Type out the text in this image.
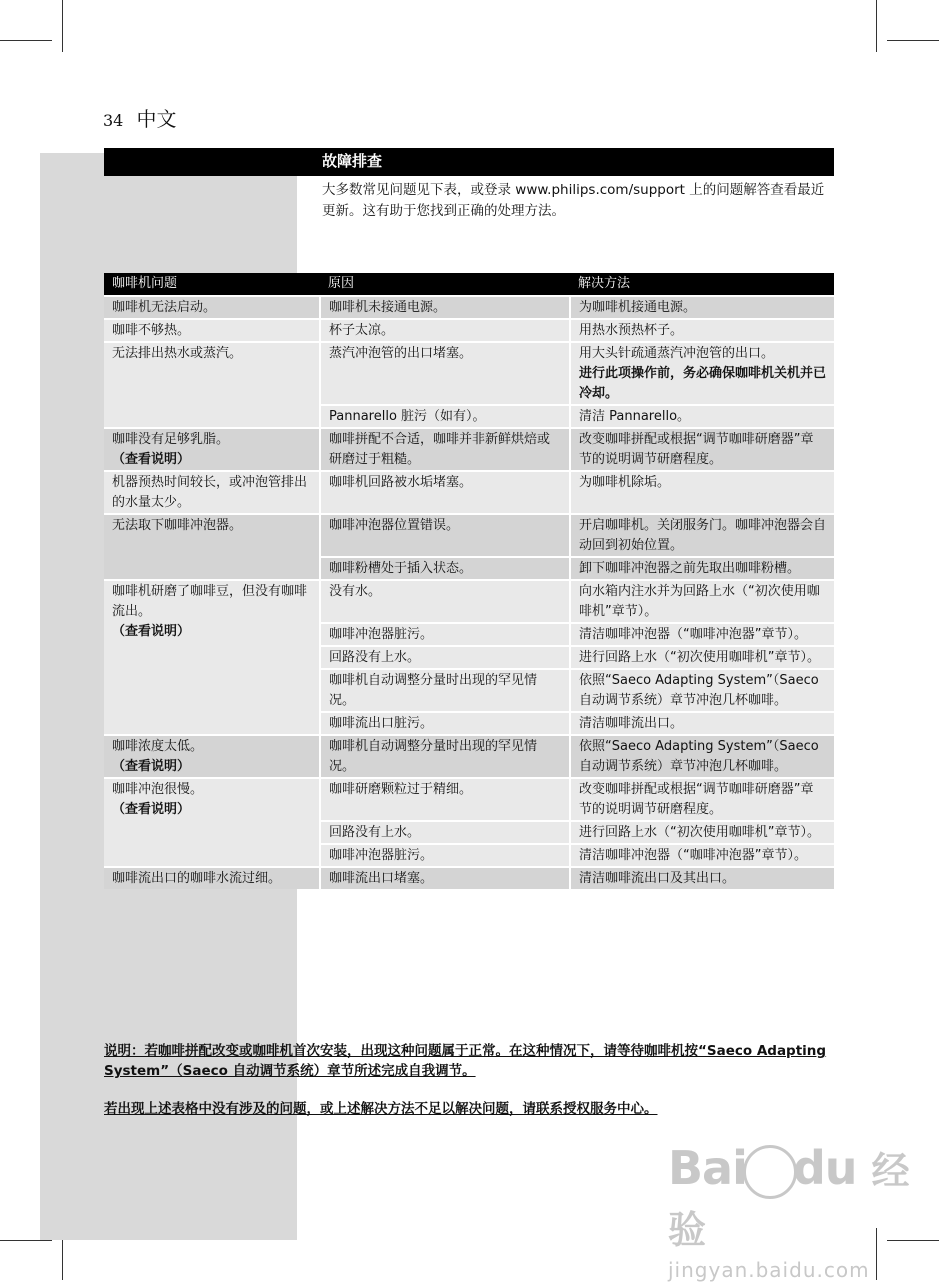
34 中文
故障排查
大多数常见问题见下表，或登录 www.philips.com/support 上的问题解答查看最近更新。这有助于您找到正确的处理方法。
咖啡机问题	原因	解决方法

咖啡机无法启动。	咖啡机未接通电源。	为咖啡机接通电源。

咖啡不够热。	杯子太凉。	用热水预热杯子。

无法排出热水或蒸汽。	蒸汽冲泡管的出口堵塞。	用大头针疏通蒸汽冲泡管的出口。
进行此项操作前，务必确保咖啡机关机并已冷却。

	Pannarello 脏污（如有）。	清洁 Pannarello。

咖啡没有足够乳脂。
（查看说明）	咖啡拼配不合适，咖啡并非新鲜烘焙或研磨过于粗糙。	改变咖啡拼配或根据“调节咖啡研磨器”章节的说明调节研磨程度。

机器预热时间较长，或冲泡管排出的水量太少。	咖啡机回路被水垢堵塞。	为咖啡机除垢。

无法取下咖啡冲泡器。	咖啡冲泡器位置错误。	开启咖啡机。关闭服务门。咖啡冲泡器会自动回到初始位置。

	咖啡粉槽处于插入状态。	卸下咖啡冲泡器之前先取出咖啡粉槽。

咖啡机研磨了咖啡豆，但没有咖啡流出。
（查看说明）	没有水。	向水箱内注水并为回路上水（“初次使用咖啡机”章节）。

	咖啡冲泡器脏污。	清洁咖啡冲泡器（“咖啡冲泡器”章节）。

	回路没有上水。	进行回路上水（“初次使用咖啡机”章节）。

	咖啡机自动调整分量时出现的罕见情况。	依照“Saeco Adapting System”（Saeco 自动调节系统）章节冲泡几杯咖啡。

	咖啡流出口脏污。	清洁咖啡流出口。

咖啡浓度太低。
（查看说明）	咖啡机自动调整分量时出现的罕见情况。	依照“Saeco Adapting System”（Saeco 自动调节系统）章节冲泡几杯咖啡。

咖啡冲泡很慢。
（查看说明）	咖啡研磨颗粒过于精细。	改变咖啡拼配或根据“调节咖啡研磨器”章节的说明调节研磨程度。

	回路没有上水。	进行回路上水（“初次使用咖啡机”章节）。

	咖啡冲泡器脏污。	清洁咖啡冲泡器（“咖啡冲泡器”章节）。

咖啡流出口的咖啡水流过细。	咖啡流出口堵塞。	清洁咖啡流出口及其出口。
说明：若咖啡拼配改变或咖啡机首次安装，出现这种问题属于正常。在这种情况下，请等待咖啡机按“Saeco Adapting System”（Saeco 自动调节系统）章节所述完成自我调节。
若出现上述表格中没有涉及的问题，或上述解决方法不足以解决问题，请联系授权服务中心。
Bai du 经验
jingyan.baidu.com
